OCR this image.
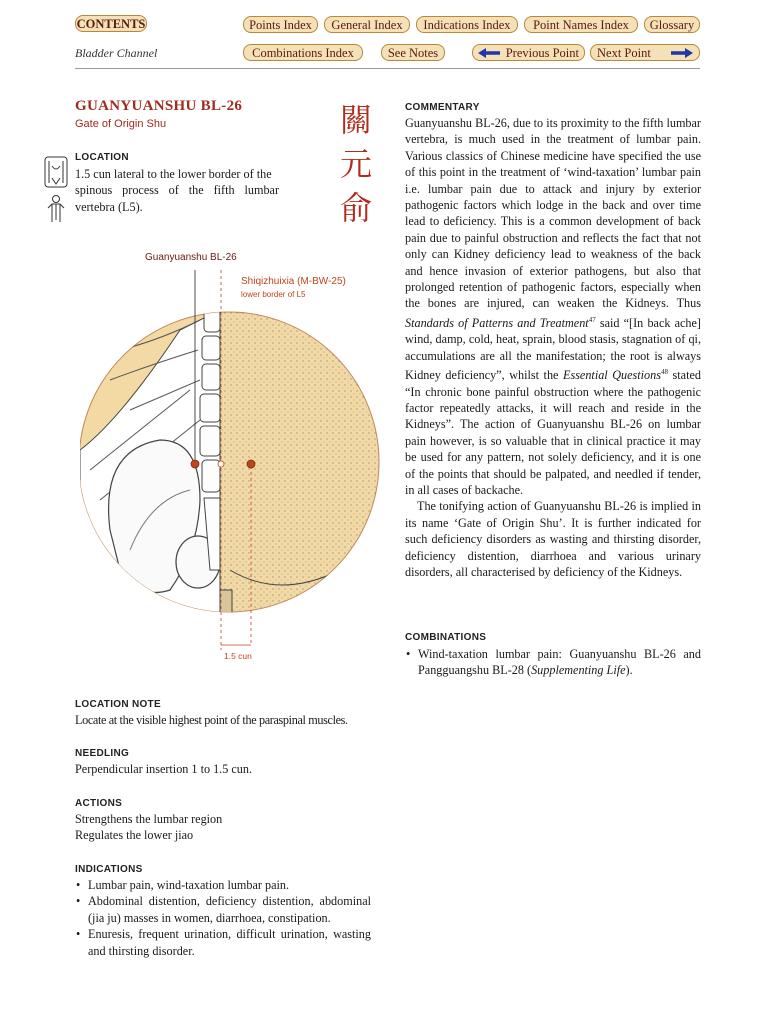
CONTENTS	Points Index	General Index	Indications Index	Point Names Index	Glossary
Combinations Index	See Notes	Previous Point	Next Point
Bladder Channel
GUANYUANSHU BL-26
Gate of Origin Shu	關
元
俞
LOCATION
1.5 cun lateral to the lower border of the
spinous process of the fifth lumbar
vertebra (L5).
Guanyuanshu BL-26
Shiqizhuixia (M-BW-25)
lower border of L5
1.5 cun
LOCATION NOTE
Locate at the visible highest point of the paraspinal muscles.
NEEDLING
Perpendicular insertion 1 to 1.5 cun.
ACTIONS
Strengthens the lumbar region
Regulates the lower jiao
INDICATIONS
• Lumbar pain, wind-taxation lumbar pain.
• Abdominal distention, deficiency distention, abdominal (jia ju) masses in women, diarrhoea, constipation.
• Enuresis, frequent urination, difficult urination, wasting and thirsting disorder.
COMMENTARY

Guanyuanshu BL-26, due to its proximity to the fifth lumbar vertebra, is much used in the treatment of lumbar pain. Various classics of Chinese medicine have specified the use of this point in the treatment of ‘wind-taxation’ lumbar pain i.e. lumbar pain due to attack and injury by exterior pathogenic factors which lodge in the back and over time lead to deficiency. This is a common development of back pain due to painful obstruction and reflects the fact that not only can Kidney deficiency lead to weakness of the back and hence invasion of exterior pathogens, but also that prolonged retention of pathogenic factors, especially when the bones are injured, can weaken the Kidneys. Thus Standards of Patterns and Treatment$^{47}$ said “[In back ache] wind, damp, cold, heat, sprain, blood stasis, stagnation of qi, accumulations are all the manifestation; the root is always Kidney deficiency”, whilst the Essential Questions$^{48}$ stated “In chronic bone painful obstruction where the pathogenic factor repeatedly attacks, it will reach and reside in the Kidneys”. The action of Guanyuanshu BL-26 on lumbar pain however, is so valuable that in clinical practice it may be used for any pattern, not solely deficiency, and it is one of the points that should be palpated, and needled if tender, in all cases of backache.

The tonifying action of Guanyuanshu BL-26 is implied in its name ‘Gate of Origin Shu’. It is further indicated for such deficiency disorders as wasting and thirsting disorder, deficiency distention, diarrhoea and various urinary disorders, all characterised by deficiency of the Kidneys.

COMBINATIONS
• Wind-taxation lumbar pain: Guanyuanshu BL-26 and Pangguangshu BL-28 (Supplementing Life).
